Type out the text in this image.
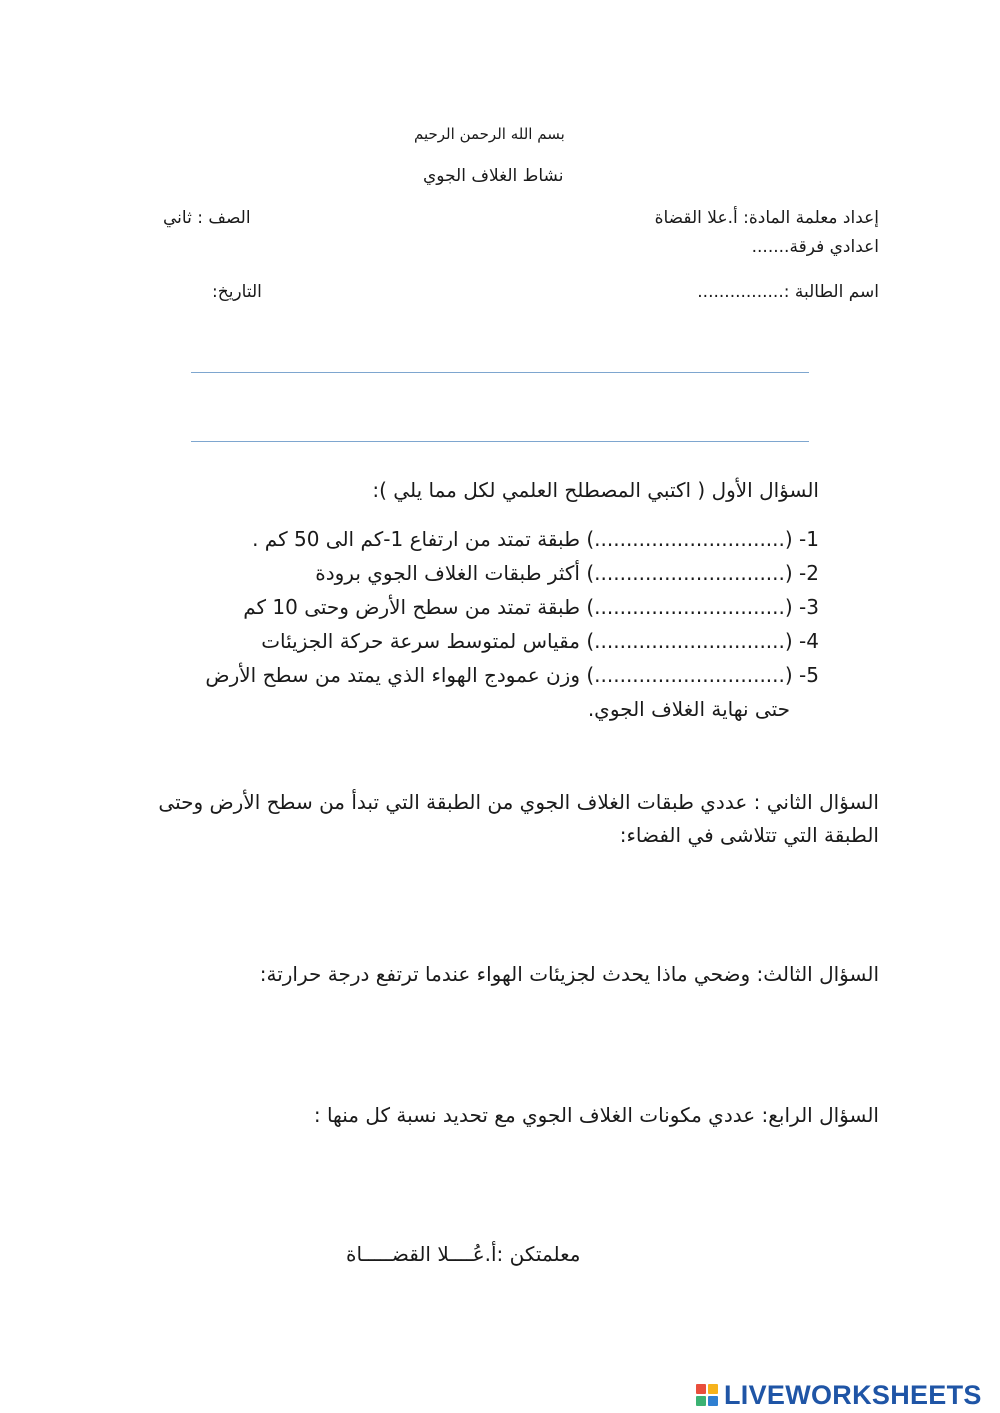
بسم الله الرحمن الرحيم
نشاط الغلاف الجوي
إعداد معلمة المادة: أ.علا القضاة
الصف : ثاني
اعدادي فرقة.......
اسم الطالبة :................
التاريخ:
السؤال الأول ( اكتبي المصطلح العلمي لكل مما يلي ):
1- (..............................) طبقة تمتد من ارتفاع 1-كم الى 50 كم .
2- (..............................) أكثر طبقات الغلاف الجوي برودة
3- (..............................) طبقة تمتد من سطح الأرض وحتى 10 كم
4- (..............................) مقياس لمتوسط سرعة حركة الجزيئات
5- (..............................) وزن عمودج الهواء الذي يمتد من سطح الأرض
حتى نهاية الغلاف الجوي.
السؤال الثاني : عددي طبقات الغلاف الجوي من الطبقة التي تبدأ من سطح الأرض وحتى
الطبقة التي تتلاشى في الفضاء:
السؤال الثالث: وضحي ماذا يحدث لجزيئات الهواء عندما ترتفع درجة حرارتة:
السؤال الرابع: عددي مكونات الغلاف الجوي مع تحديد نسبة كل منها :
معلمتكن :أ.عُــــلا القضـــــاة
LIVEWORKSHEETS
